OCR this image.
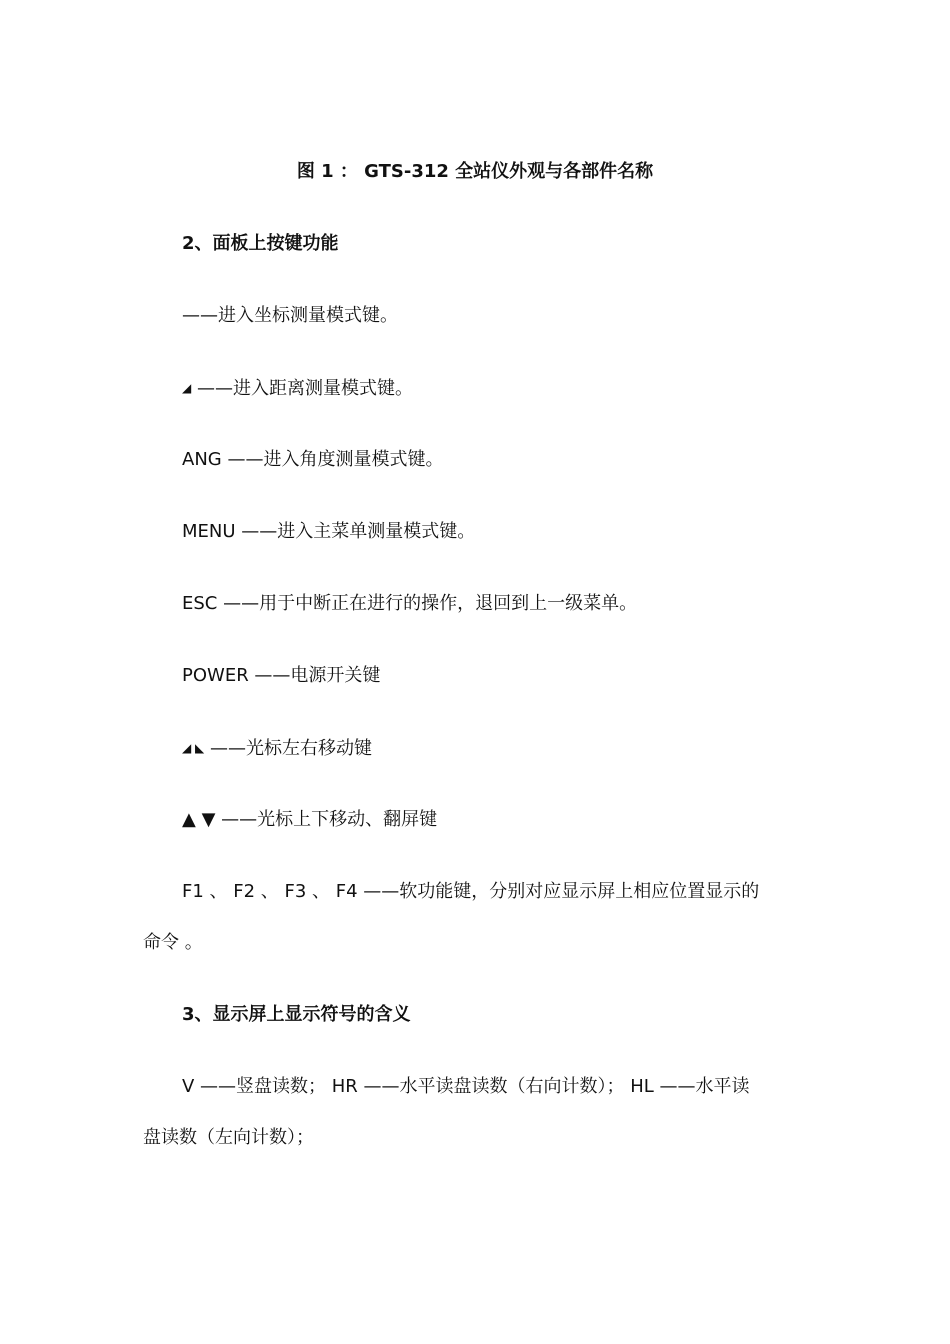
图 1 ： GTS-312 全站仪外观与各部件名称
2、面板上按键功能
——进入坐标测量模式键。
◢ ——进入距离测量模式键。
ANG ——进入角度测量模式键。
MENU ——进入主菜单测量模式键。
ESC ——用于中断正在进行的操作，退回到上一级菜单。
POWER ——电源开关键
◢ ◣ ——光标左右移动键
▲ ▼ ——光标上下移动、翻屏键
F1 、 F2 、 F3 、 F4 ——软功能键，分别对应显示屏上相应位置显示的
命令 。
3、显示屏上显示符号的含义
V ——竖盘读数； HR ——水平读盘读数（右向计数）； HL ——水平读
盘读数（左向计数）；
